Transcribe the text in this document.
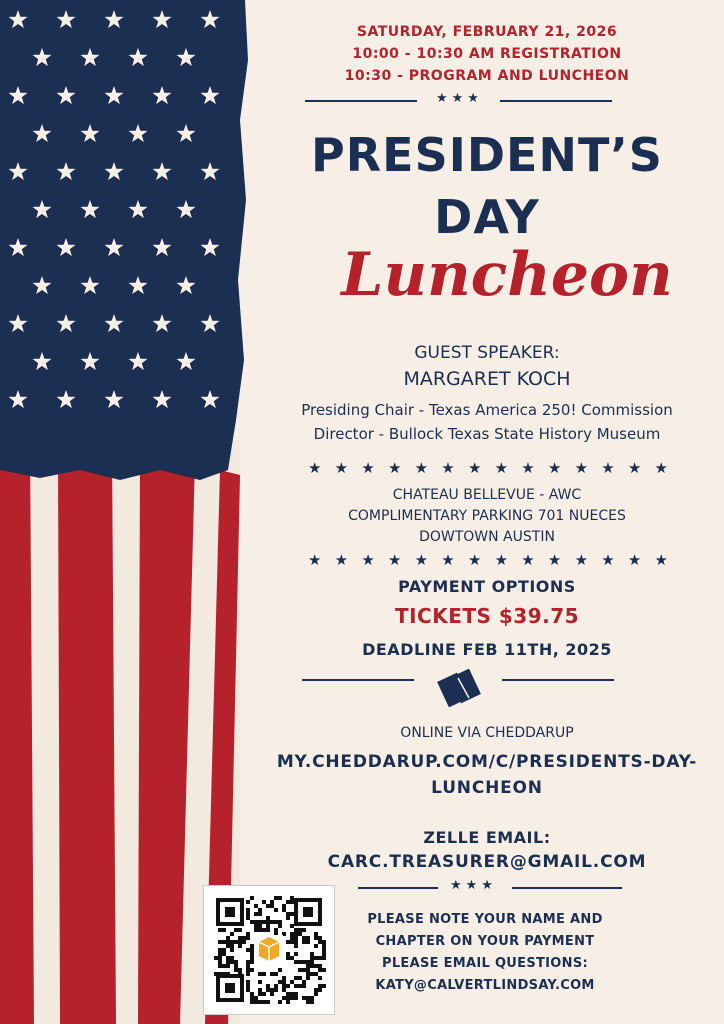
SATURDAY, FEBRUARY 21, 2026
10:00 - 10:30 AM REGISTRATION
10:30 - PROGRAM AND LUNCHEON
★★★
PRESIDENT’S
DAY
Luncheon
GUEST SPEAKER:
MARGARET KOCH
Presiding Chair - Texas America 250! Commission
Director - Bullock Texas State History Museum
★ ★ ★ ★ ★ ★ ★ ★ ★ ★ ★ ★ ★ ★
CHATEAU BELLEVUE - AWC
COMPLIMENTARY PARKING 701 NUECES
DOWTOWN AUSTIN
★ ★ ★ ★ ★ ★ ★ ★ ★ ★ ★ ★ ★ ★
PAYMENT OPTIONS
TICKETS $39.75
DEADLINE FEB 11TH, 2025
ONLINE VIA CHEDDARUP
MY.CHEDDARUP.COM/C/PRESIDENTS-DAY-
LUNCHEON
ZELLE EMAIL:
CARC.TREASURER@GMAIL.COM
★★★
PLEASE NOTE YOUR NAME AND
CHAPTER ON YOUR PAYMENT
PLEASE EMAIL QUESTIONS:
KATY@CALVERTLINDSAY.COM
